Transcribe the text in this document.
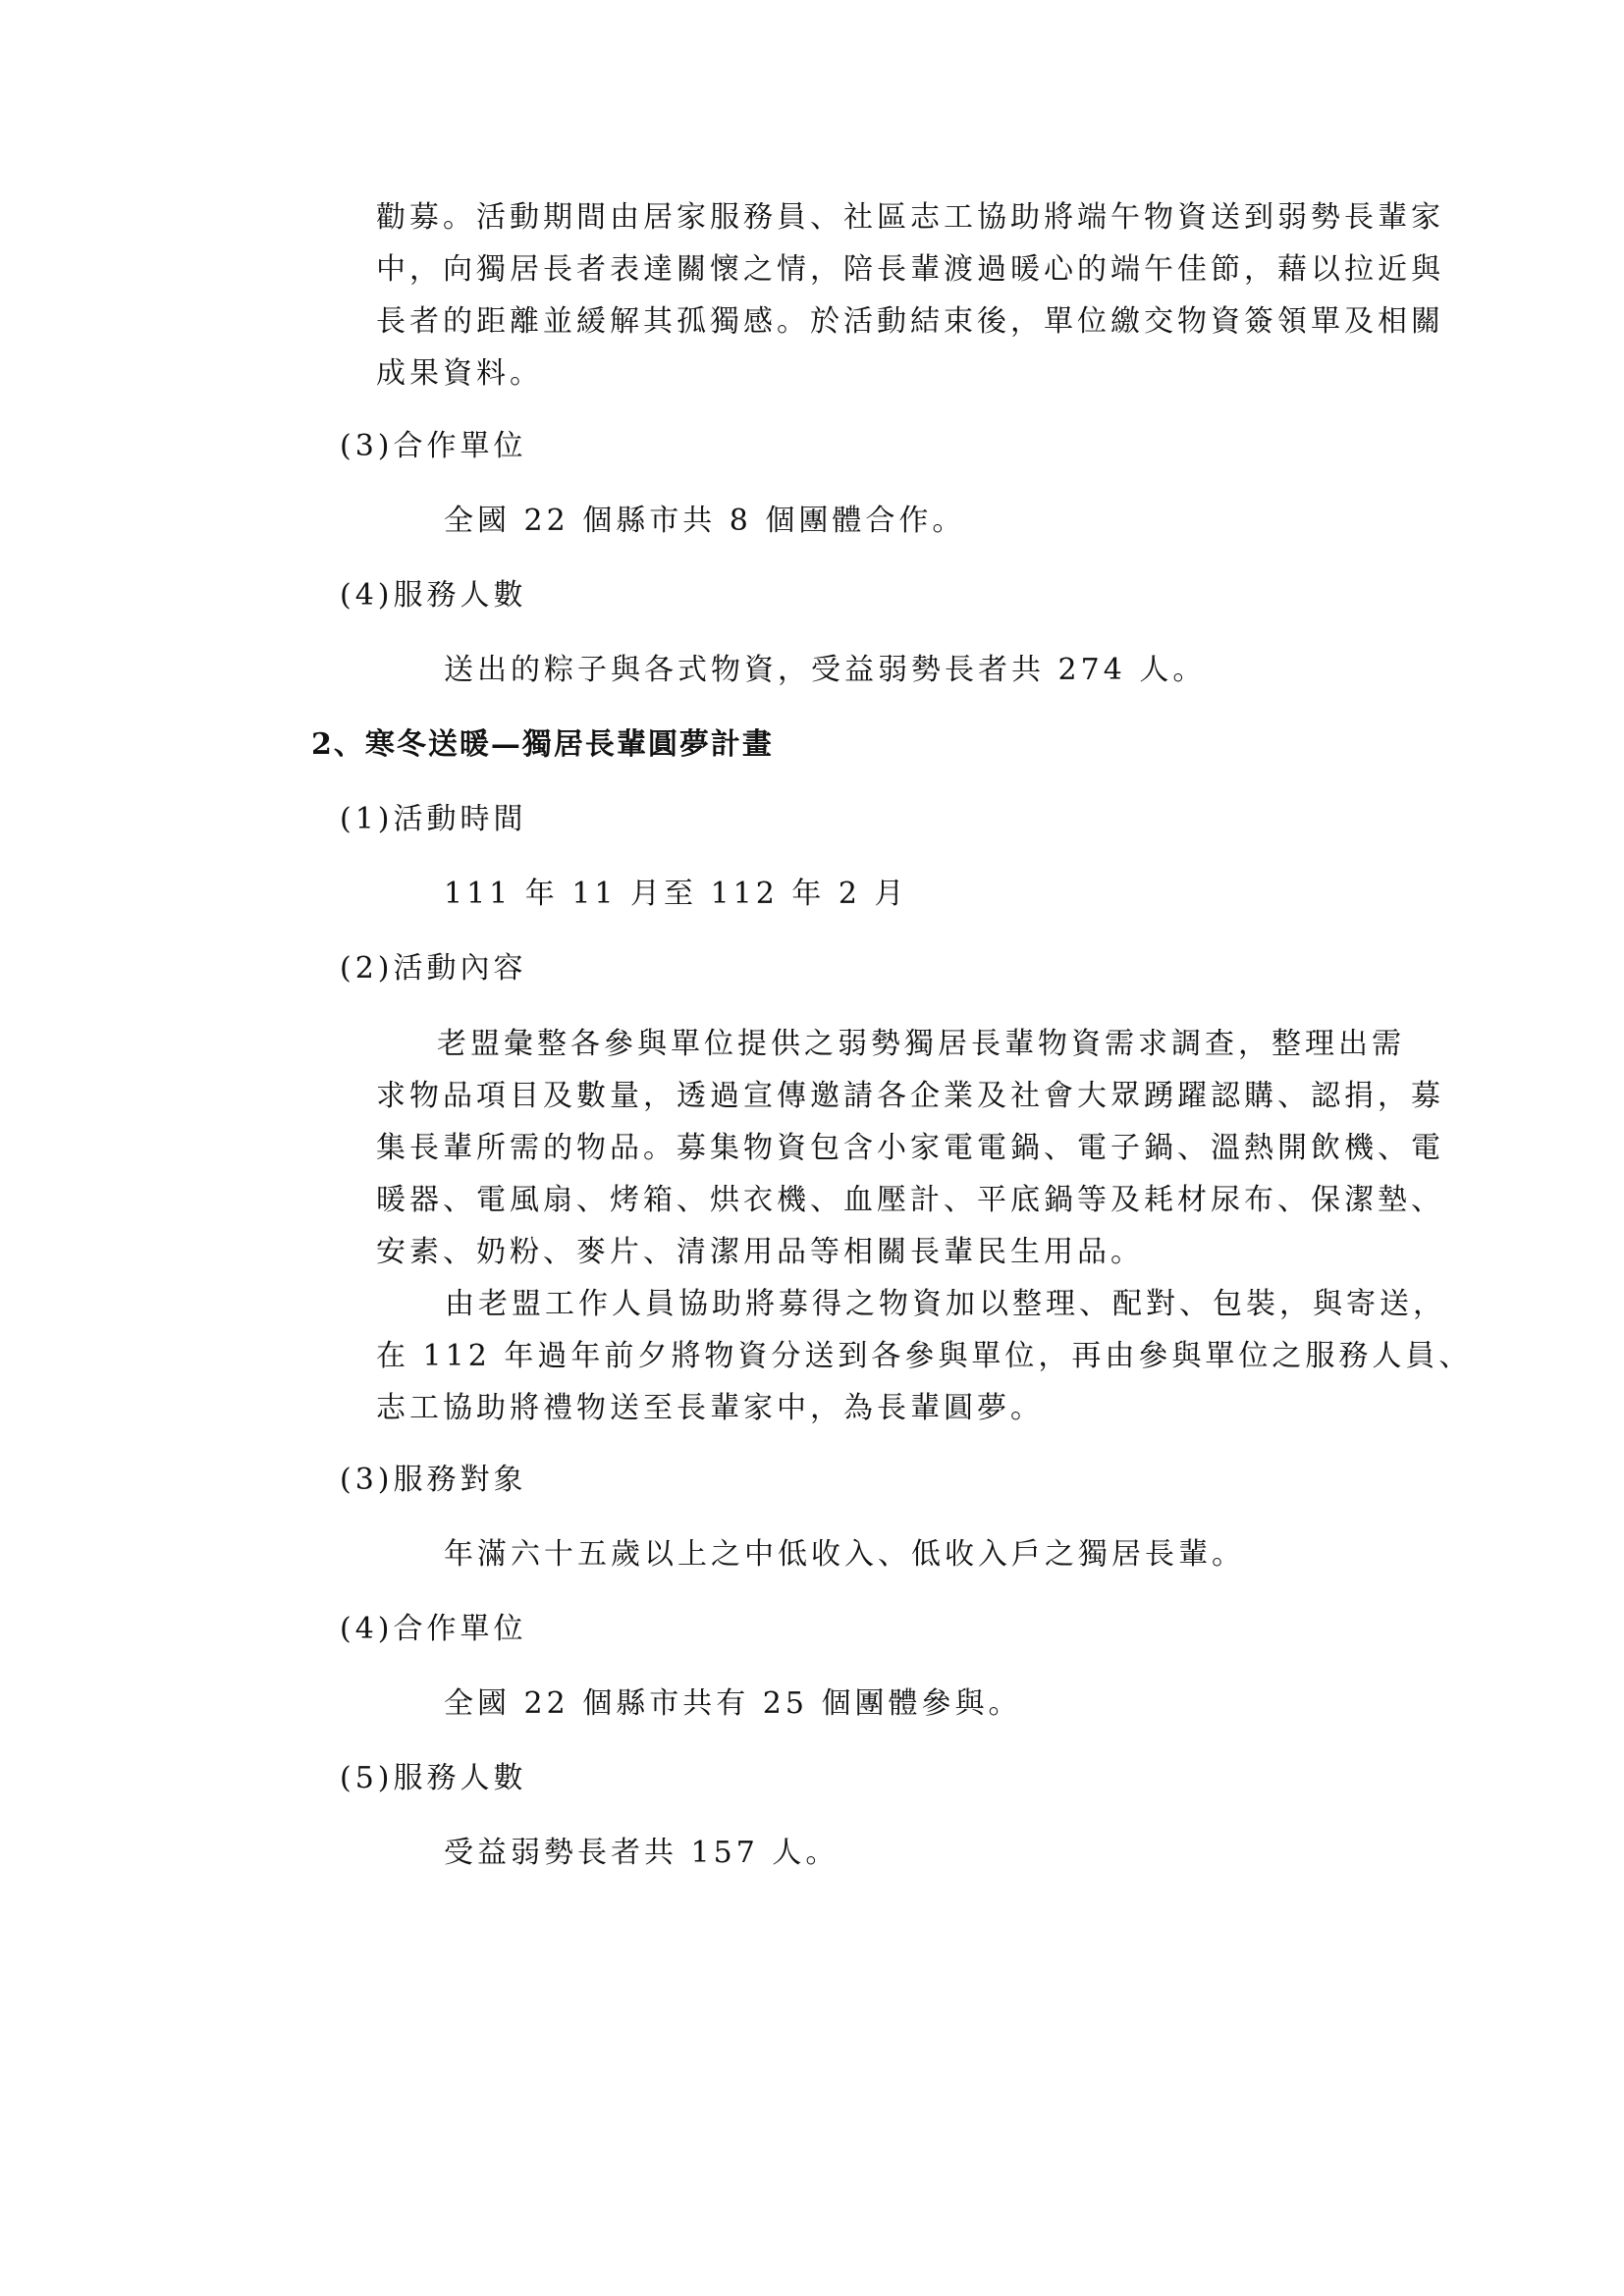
勸募。活動期間由居家服務員、社區志工協助將端午物資送到弱勢長輩家
中，向獨居長者表達關懷之情，陪長輩渡過暖心的端午佳節，藉以拉近與
長者的距離並緩解其孤獨感。於活動結束後，單位繳交物資簽領單及相關
成果資料。
(3)合作單位
全國 22 個縣市共 8 個團體合作。
(4)服務人數
送出的粽子與各式物資，受益弱勢長者共 274 人。
2、寒冬送暖—獨居長輩圓夢計畫
(1)活動時間
111 年 11 月至 112 年 2 月
(2)活動內容
老盟彙整各參與單位提供之弱勢獨居長輩物資需求調查，整理出需
求物品項目及數量，透過宣傳邀請各企業及社會大眾踴躍認購、認捐，募
集長輩所需的物品。募集物資包含小家電電鍋、電子鍋、溫熱開飲機、電
暖器、電風扇、烤箱、烘衣機、血壓計、平底鍋等及耗材尿布、保潔墊、
安素、奶粉、麥片、清潔用品等相關長輩民生用品。
由老盟工作人員協助將募得之物資加以整理、配對、包裝，與寄送，
在 112 年過年前夕將物資分送到各參與單位，再由參與單位之服務人員、
志工協助將禮物送至長輩家中，為長輩圓夢。
(3)服務對象
年滿六十五歲以上之中低收入、低收入戶之獨居長輩。
(4)合作單位
全國 22 個縣市共有 25 個團體參與。
(5)服務人數
受益弱勢長者共 157 人。
